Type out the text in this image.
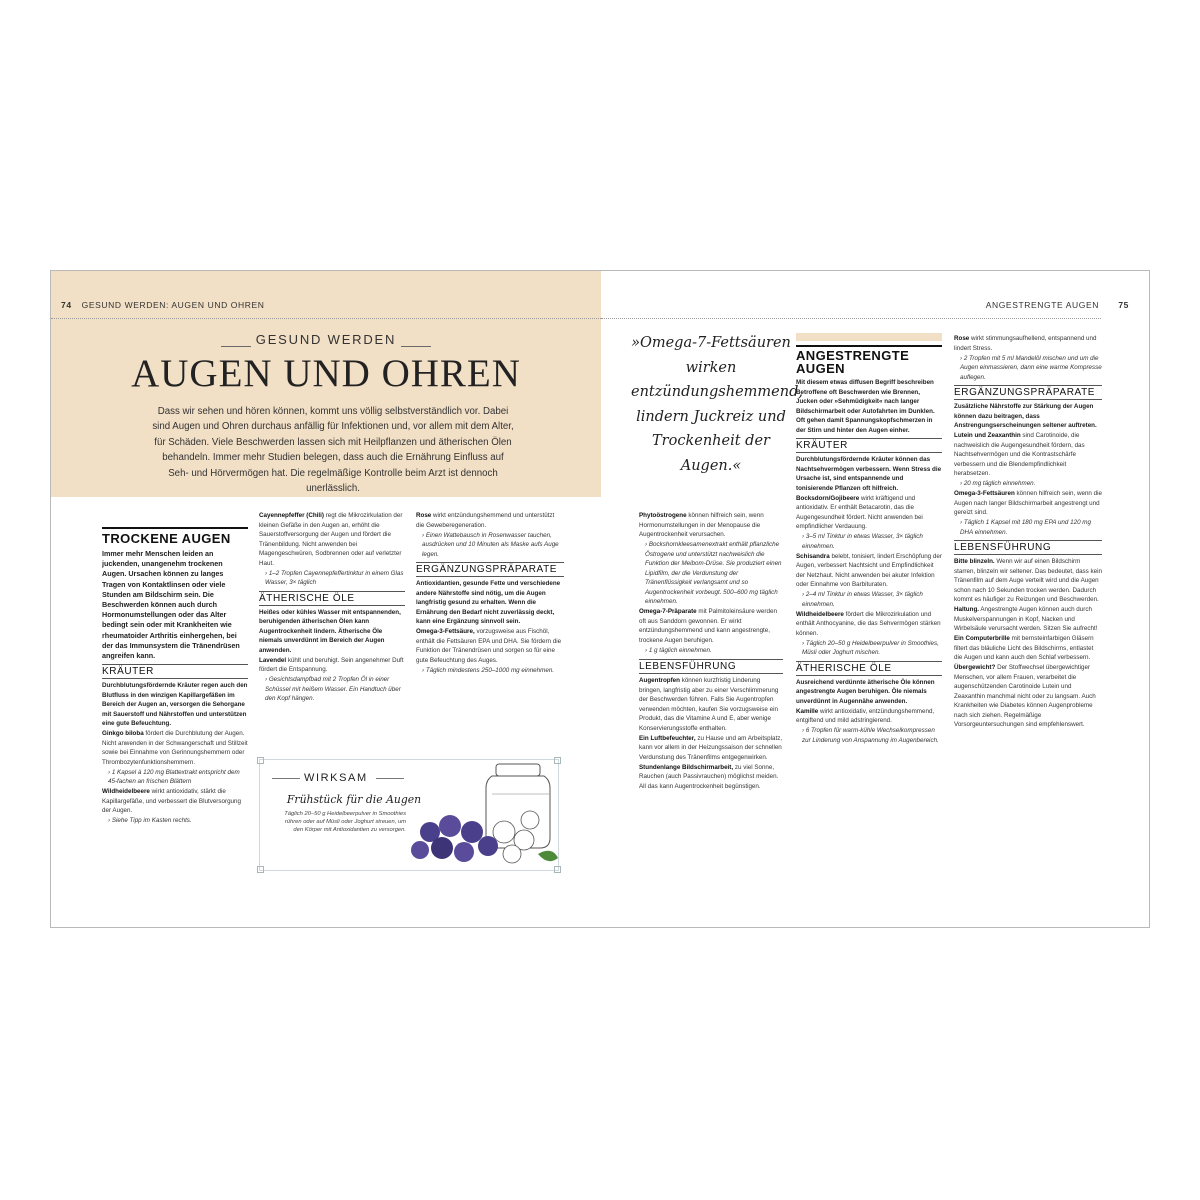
74 GESUND WERDEN: AUGEN UND OHREN	ANGESTRENGTE AUGEN 75
GESUND WERDEN
AUGEN UND OHREN
Dass wir sehen und hören können, kommt uns völlig selbstverständlich vor. Dabei sind Augen und Ohren durchaus anfällig für Infektionen und, vor allem mit dem Alter, für Schäden. Viele Beschwerden lassen sich mit Heilpflanzen und ätherischen Ölen behandeln. Immer mehr Studien belegen, dass auch die Ernährung Einfluss auf Seh- und Hörvermögen hat. Die regelmäßige Kontrolle beim Arzt ist dennoch unerlässlich.
TROCKENE AUGEN

Immer mehr Menschen leiden an juckenden, unangenehm trockenen Augen. Ursachen können zu langes Tragen von Kontaktlinsen oder viele Stunden am Bildschirm sein. Die Beschwerden können auch durch Hormonumstellungen oder das Alter bedingt sein oder mit Krankheiten wie rheumatoider Arthritis einhergehen, bei der das Immunsystem die Tränendrüsen angreifen kann.

KRÄUTER

Durchblutungsfördernde Kräuter regen auch den Blutfluss in den winzigen Kapillargefäßen im Bereich der Augen an, versorgen die Sehorgane mit Sauerstoff und Nährstoffen und unterstützen eine gute Befeuchtung.

Ginkgo biloba fördert die Durchblutung der Augen. Nicht anwenden in der Schwangerschaft und Stillzeit sowie bei Einnahme von Gerinnungshemmern oder Thrombozytenfunktionshemmern.

› 1 Kapsel à 120 mg Blattextrakt entspricht dem 45-fachen an frischen Blättern

Wildheidelbeere wirkt antioxidativ, stärkt die Kapillargefäße, und verbessert die Blutversorgung der Augen.

› Siehe Tipp im Kasten rechts.

Cayennepfeffer (Chili) regt die Mikrozirkulation der kleinen Gefäße in den Augen an, erhöht die Sauerstoffversorgung der Augen und fördert die Tränenbildung. Nicht anwenden bei Magengeschwüren, Sodbrennen oder auf verletzter Haut.

› 1–2 Tropfen Cayennepfeffertinktur in einem Glas Wasser, 3× täglich

ÄTHERISCHE ÖLE

Heißes oder kühles Wasser mit entspannenden, beruhigenden ätherischen Ölen kann Augentrockenheit lindern. Ätherische Öle niemals unverdünnt im Bereich der Augen anwenden.

Lavendel kühlt und beruhigt. Sein angenehmer Duft fördert die Entspannung.

› Gesichtsdampfbad mit 2 Tropfen Öl in einer Schüssel mit heißem Wasser. Ein Handtuch über den Kopf hängen.

Rose wirkt entzündungshemmend und unterstützt die Geweberegeneration.

› Einen Wattebausch in Rosenwasser tauchen, ausdrücken und 10 Minuten als Maske aufs Auge legen.

ERGÄNZUNGSPRÄPARATE

Antioxidantien, gesunde Fette und verschiedene andere Nährstoffe sind nötig, um die Augen langfristig gesund zu erhalten. Wenn die Ernährung den Bedarf nicht zuverlässig deckt, kann eine Ergänzung sinnvoll sein.

Omega-3-Fettsäure, vorzugsweise aus Fischöl, enthält die Fettsäuren EPA und DHA. Sie fördern die Funktion der Tränendrüsen und sorgen so für eine gute Befeuchtung des Auges.

› Täglich mindestens 250–1000 mg einnehmen.

WIRKSAM
Frühstück für die Augen
Täglich 20–50 g Heidelbeerpulver in Smoothies rühren oder auf Müsli oder Joghurt streuen, um den Körper mit Antioxidantien zu versorgen.
»Omega-7-Fettsäuren wirken entzündungshemmend, lindern Juckreiz und Trockenheit der Augen.«

Phytoöstrogene können hilfreich sein, wenn Hormonumstellungen in der Menopause die Augentrockenheit verursachen.

› Bockshornkleesamenextrakt enthält pflanzliche Östrogene und unterstützt nachweislich die Funktion der Meibom-Drüse. Sie produziert einen Lipidfilm, der die Verdunstung der Tränenflüssigkeit verlangsamt und so Augentrockenheit vorbeugt. 500–600 mg täglich einnehmen.

Omega-7-Präparate mit Palmitoleinsäure werden oft aus Sanddorn gewonnen. Er wirkt entzündungshemmend und kann angestrengte, trockene Augen beruhigen.

› 1 g täglich einnehmen.

LEBENSFÜHRUNG

Augentropfen können kurzfristig Linderung bringen, langfristig aber zu einer Verschlimmerung der Beschwerden führen. Falls Sie Augentropfen verwenden möchten, kaufen Sie vorzugsweise ein Produkt, das die Vitamine A und E, aber wenige Konservierungsstoffe enthalten.

Ein Luftbefeuchter, zu Hause und am Arbeitsplatz, kann vor allem in der Heizungssaison der schnellen Verdunstung des Tränenfilms entgegenwirken.

Stundenlange Bildschirmarbeit, zu viel Sonne, Rauchen (auch Passivrauchen) möglichst meiden. All das kann Augentrockenheit begünstigen.

ANGESTRENGTE AUGEN

Mit diesem etwas diffusen Begriff beschreiben Betroffene oft Beschwerden wie Brennen, Jucken oder »Sehmüdigkeit« nach langer Bildschirmarbeit oder Autofahrten im Dunklen. Oft gehen damit Spannungskopfschmerzen in der Stirn und hinter den Augen einher.

KRÄUTER

Durchblutungsfördernde Kräuter können das Nachtsehvermögen verbessern. Wenn Stress die Ursache ist, sind entspannende und tonisierende Pflanzen oft hilfreich.

Bocksdorn/Gojibeere wirkt kräftigend und antioxidativ. Er enthält Betacarotin, das die Augengesundheit fördert. Nicht anwenden bei empfindlicher Verdauung.

› 3–5 ml Tinktur in etwas Wasser, 3× täglich einnehmen.

Schisandra belebt, tonisiert, lindert Erschöpfung der Augen, verbessert Nachtsicht und Empfindlichkeit der Netzhaut. Nicht anwenden bei akuter Infektion oder Einnahme von Barbituraten.

› 2–4 ml Tinktur in etwas Wasser, 3× täglich einnehmen.

Wildheidelbeere fördert die Mikrozirkulation und enthält Anthocyanine, die das Sehvermögen stärken können.

› Täglich 20–50 g Heidelbeerpulver in Smoothies, Müsli oder Joghurt mischen.

ÄTHERISCHE ÖLE

Ausreichend verdünnte ätherische Öle können angestrengte Augen beruhigen. Öle niemals unverdünnt in Augennähe anwenden.

Kamille wirkt antioxidativ, entzündungshemmend, entgiftend und mild adstringierend.

› 6 Tropfen für warm-kühle Wechselkompressen zur Linderung von Anspannung im Augenbereich.

Rose wirkt stimmungsaufhellend, entspannend und lindert Stress.

› 2 Tropfen mit 5 ml Mandelöl mischen und um die Augen einmassieren, dann eine warme Kompresse auflegen.

ERGÄNZUNGSPRÄPARATE

Zusätzliche Nährstoffe zur Stärkung der Augen können dazu beitragen, dass Anstrengungserscheinungen seltener auftreten.

Lutein und Zeaxanthin sind Carotinoide, die nachweislich die Augengesundheit fördern, das Nachtsehvermögen und die Kontrastschärfe verbessern und die Blendempfindlichkeit herabsetzen.

› 20 mg täglich einnehmen.

Omega-3-Fettsäuren können hilfreich sein, wenn die Augen nach langer Bildschirmarbeit angestrengt und gereizt sind.

› Täglich 1 Kapsel mit 180 mg EPA und 120 mg DHA einnehmen.

LEBENSFÜHRUNG

Bitte blinzeln. Wenn wir auf einen Bildschirm starren, blinzeln wir seltener. Das bedeutet, dass kein Tränenfilm auf dem Auge verteilt wird und die Augen schon nach 10 Sekunden trocken werden. Dadurch kommt es häufiger zu Reizungen und Beschwerden.

Haltung. Angestrengte Augen können auch durch Muskelverspannungen in Kopf, Nacken und Wirbelsäule verursacht werden. Sitzen Sie aufrecht!

Ein Computerbrille mit bernsteinfarbigen Gläsern filtert das bläuliche Licht des Bildschirms, entlastet die Augen und kann auch den Schlaf verbessern.

Übergewicht? Der Stoffwechsel übergewichtiger Menschen, vor allem Frauen, verarbeitet die augenschützenden Carotinoide Lutein und Zeaxanthin manchmal nicht oder zu langsam. Auch Krankheiten wie Diabetes können Augenprobleme nach sich ziehen. Regelmäßige Vorsorgeuntersuchungen sind empfehlenswert.
